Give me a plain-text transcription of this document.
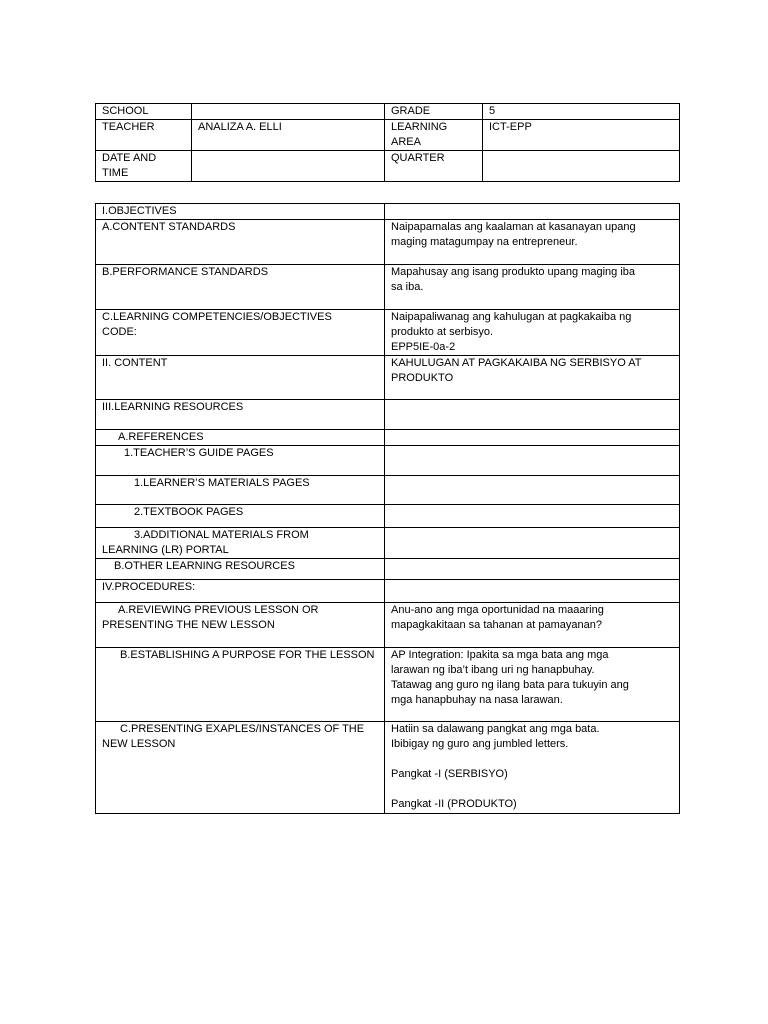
SCHOOL		GRADE	5
TEACHER	ANALIZA A. ELLI	LEARNING
AREA	ICT-EPP
DATE AND
TIME		QUARTER	
I.OBJECTIVES	
A.CONTENT STANDARDS	Naipapamalas ang kaalaman at kasanayan upang
maging matagumpay na entrepreneur.
B.PERFORMANCE STANDARDS	Mapahusay ang isang produkto upang maging iba
sa iba.
C.LEARNING COMPETENCIES/OBJECTIVES
CODE:	Naipapaliwanag ang kahulugan at pagkakaiba ng
produkto at serbisyo.
EPP5IE-0a-2
II. CONTENT	KAHULUGAN AT PAGKAKAIBA NG SERBISYO AT
PRODUKTO
III.LEARNING RESOURCES	
A.REFERENCES	
1.TEACHER’S GUIDE PAGES	
1.LEARNER’S MATERIALS PAGES	
2.TEXTBOOK PAGES	
3.ADDITIONAL MATERIALS FROM
LEARNING (LR) PORTAL	
B.OTHER LEARNING RESOURCES	
IV.PROCEDURES:	
A.REVIEWING PREVIOUS LESSON OR
PRESENTING THE NEW LESSON	Anu-ano ang mga oportunidad na maaaring
mapagkakitaan sa tahanan at pamayanan?
B.ESTABLISHING A PURPOSE FOR THE LESSON	AP Integration: Ipakita sa mga bata ang mga
larawan ng iba’t ibang uri ng hanapbuhay.
Tatawag ang guro ng ilang bata para tukuyin ang
mga hanapbuhay na nasa larawan.
C.PRESENTING EXAPLES/INSTANCES OF THE
NEW LESSON	Hatiin sa dalawang pangkat ang mga bata.
Ibibigay ng guro ang jumbled letters.

Pangkat -I (SERBISYO)

Pangkat -II (PRODUKTO)
